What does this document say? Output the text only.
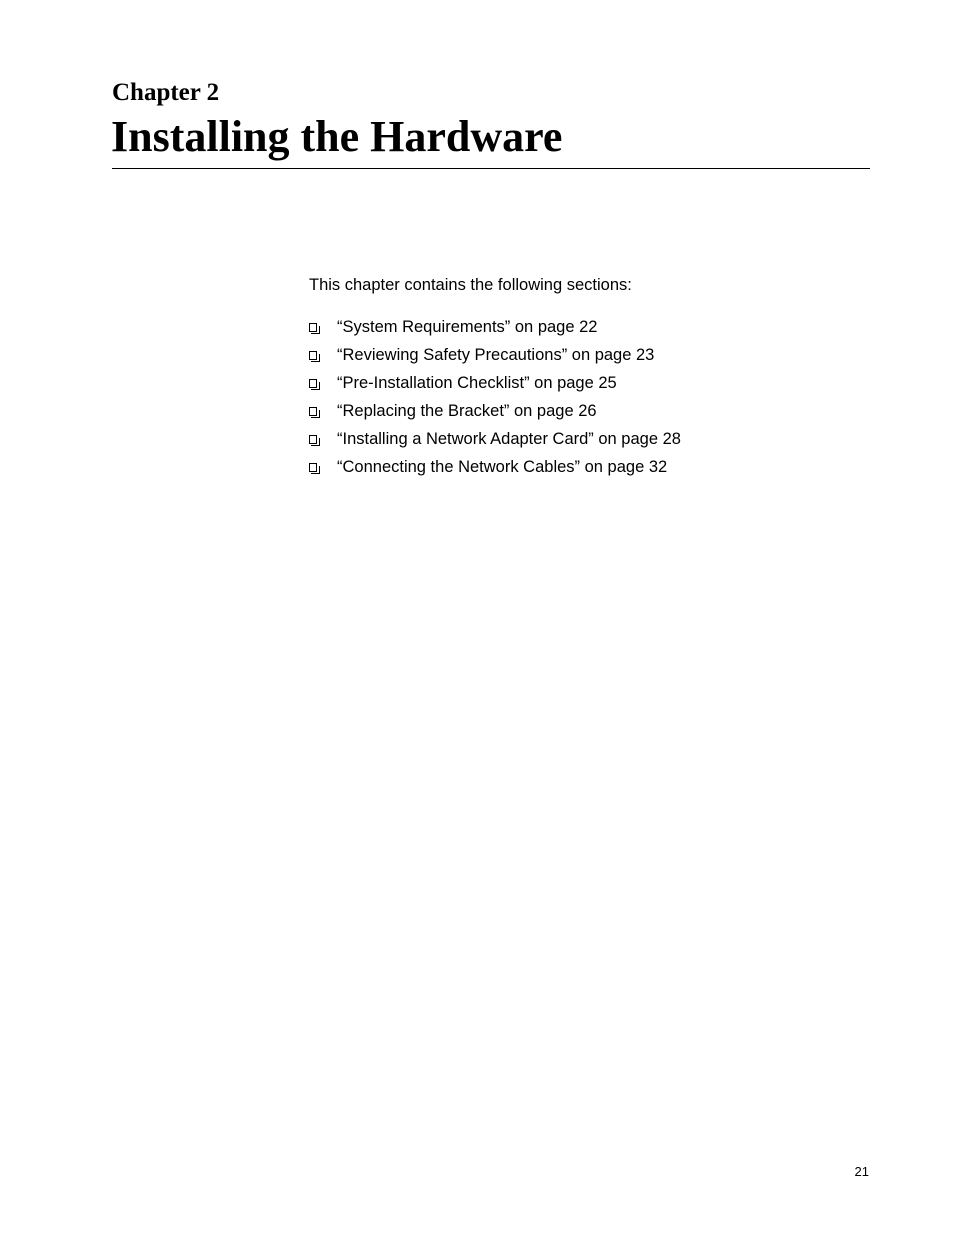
Chapter 2
Installing the Hardware

This chapter contains the following sections:

“System Requirements” on page 22
“Reviewing Safety Precautions” on page 23
“Pre-Installation Checklist” on page 25
“Replacing the Bracket” on page 26
“Installing a Network Adapter Card” on page 28
“Connecting the Network Cables” on page 32

21
